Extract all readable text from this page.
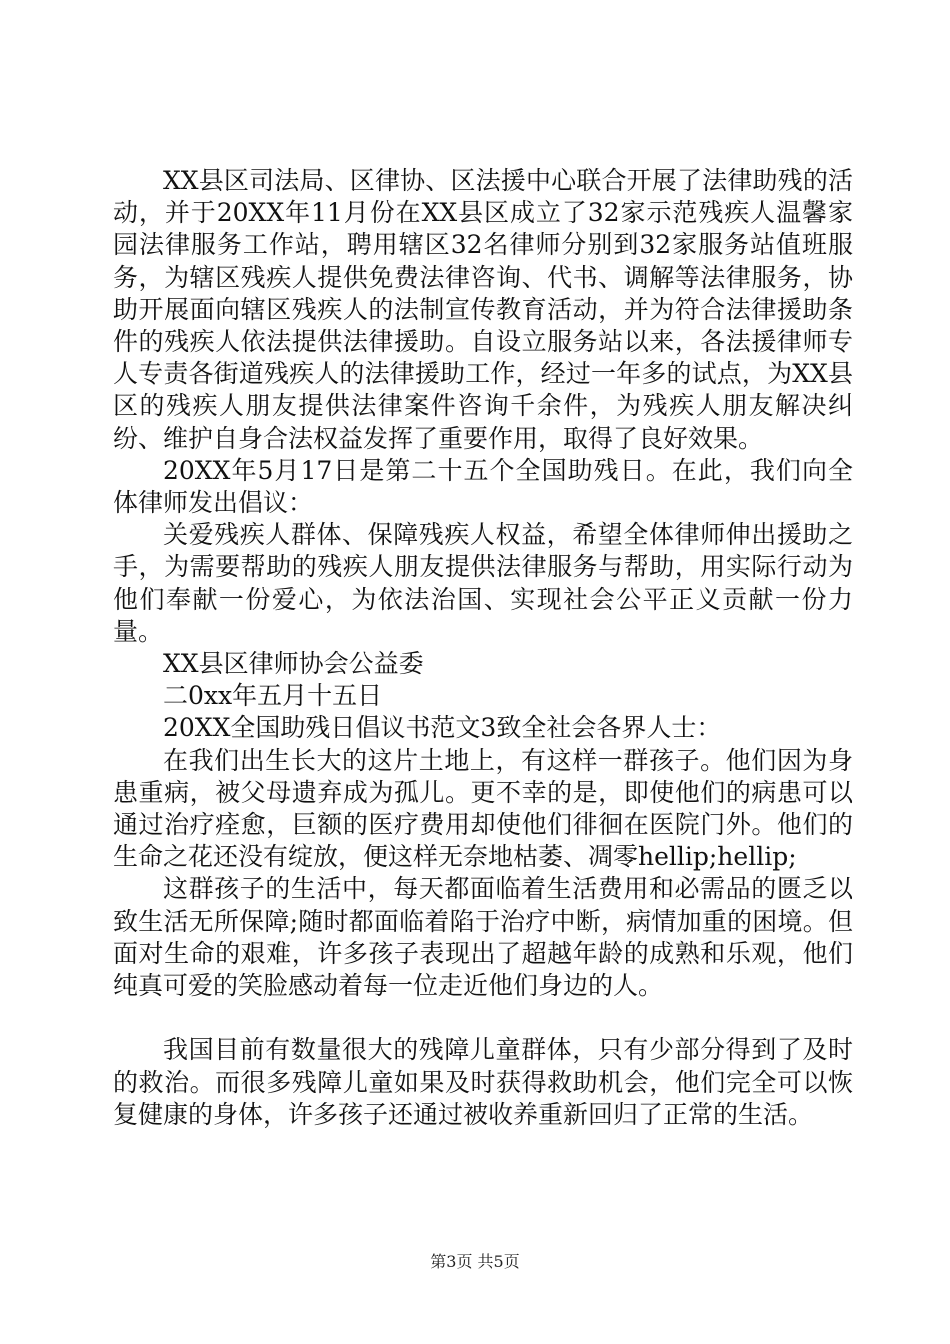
XX县区司法局、区律协、区法援中心联合开展了法律助残的活动，并于20XX年11月份在XX县区成立了32家示范残疾人温馨家园法律服务工作站，聘用辖区32名律师分别到32家服务站值班服务，为辖区残疾人提供免费法律咨询、代书、调解等法律服务，协助开展面向辖区残疾人的法制宣传教育活动，并为符合法律援助条件的残疾人依法提供法律援助。自设立服务站以来，各法援律师专人专责各街道残疾人的法律援助工作，经过一年多的试点，为XX县区的残疾人朋友提供法律案件咨询千余件，为残疾人朋友解决纠纷、维护自身合法权益发挥了重要作用，取得了良好效果。

20XX年5月17日是第二十五个全国助残日。在此，我们向全体律师发出倡议：

关爱残疾人群体、保障残疾人权益，希望全体律师伸出援助之手，为需要帮助的残疾人朋友提供法律服务与帮助，用实际行动为他们奉献一份爱心，为依法治国、实现社会公平正义贡献一份力量。

XX县区律师协会公益委

二0xx年五月十五日

20XX全国助残日倡议书范文3致全社会各界人士：

在我们出生长大的这片土地上，有这样一群孩子。他们因为身患重病，被父母遗弃成为孤儿。更不幸的是，即使他们的病患可以通过治疗痊愈，巨额的医疗费用却使他们徘徊在医院门外。他们的生命之花还没有绽放，便这样无奈地枯萎、凋零hellip;hellip;

这群孩子的生活中，每天都面临着生活费用和必需品的匮乏以致生活无所保障;随时都面临着陷于治疗中断，病情加重的困境。但面对生命的艰难，许多孩子表现出了超越年龄的成熟和乐观，他们纯真可爱的笑脸感动着每一位走近他们身边的人。

我国目前有数量很大的残障儿童群体，只有少部分得到了及时的救治。而很多残障儿童如果及时获得救助机会，他们完全可以恢复健康的身体，许多孩子还通过被收养重新回归了正常的生活。

第3页 共5页
